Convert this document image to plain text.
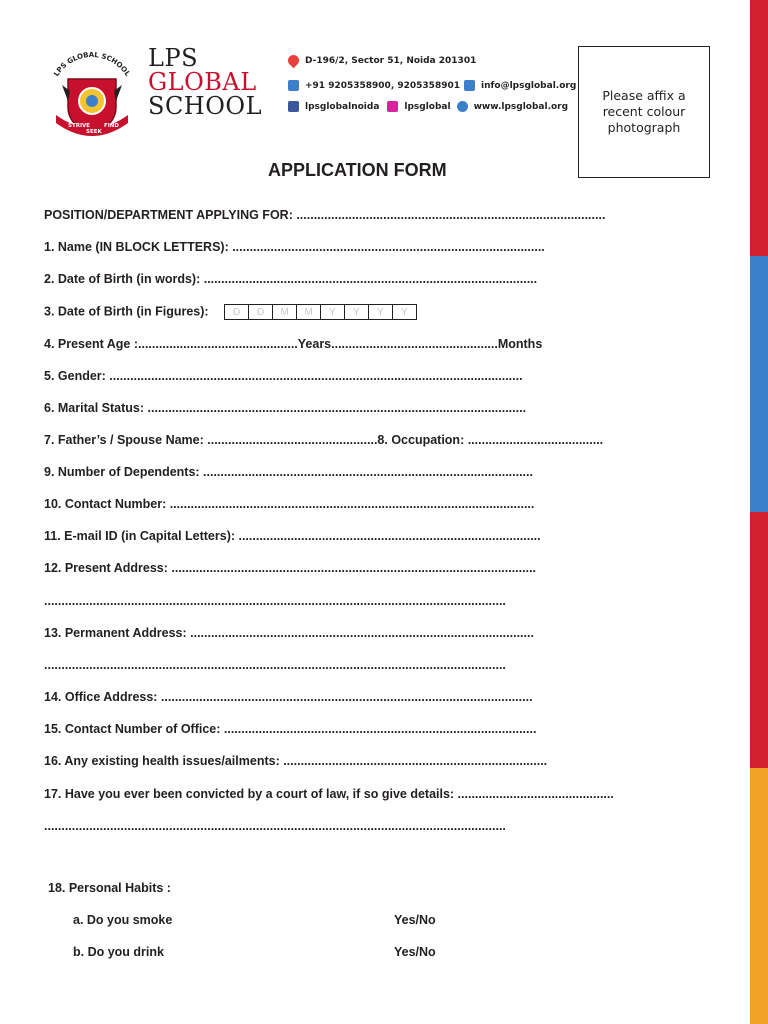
LPS GLOBAL SCHOOL
STRIVE
SEEK
FIND
LPS
GLOBAL
SCHOOL
D-196/2, Sector 51, Noida 201301
+91 9205358900, 9205358901 info@lpsglobal.org
lpsglobalnoida	lpsglobal	www.lpsglobal.org
Please affix a recent colour photograph
APPLICATION FORM
POSITION/DEPARTMENT APPLYING FOR: .........................................................................................
1. Name (IN BLOCK LETTERS): ..........................................................................................
2. Date of Birth (in words): ................................................................................................
3. Date of Birth (in Figures):	D	D	M	M	Y	Y	Y	Y
4. Present Age :..............................................Years................................................Months
5. Gender: .......................................................................................................................
6. Marital Status: .............................................................................................................
7. Father’s / Spouse Name: .................................................8. Occupation: .......................................
9. Number of Dependents: ...............................................................................................
10. Contact Number: .........................................................................................................
11. E-mail ID (in Capital Letters): .......................................................................................
12. Present Address: .........................................................................................................
.....................................................................................................................................
13. Permanent Address: ...................................................................................................
.....................................................................................................................................
14. Office Address: ...........................................................................................................
15. Contact Number of Office: ..........................................................................................
16. Any existing health issues/ailments: ............................................................................
17. Have you ever been convicted by a court of law, if so give details: .............................................
.....................................................................................................................................
18. Personal Habits :
a. Do you smoke	Yes/No
b. Do you drink	Yes/No
